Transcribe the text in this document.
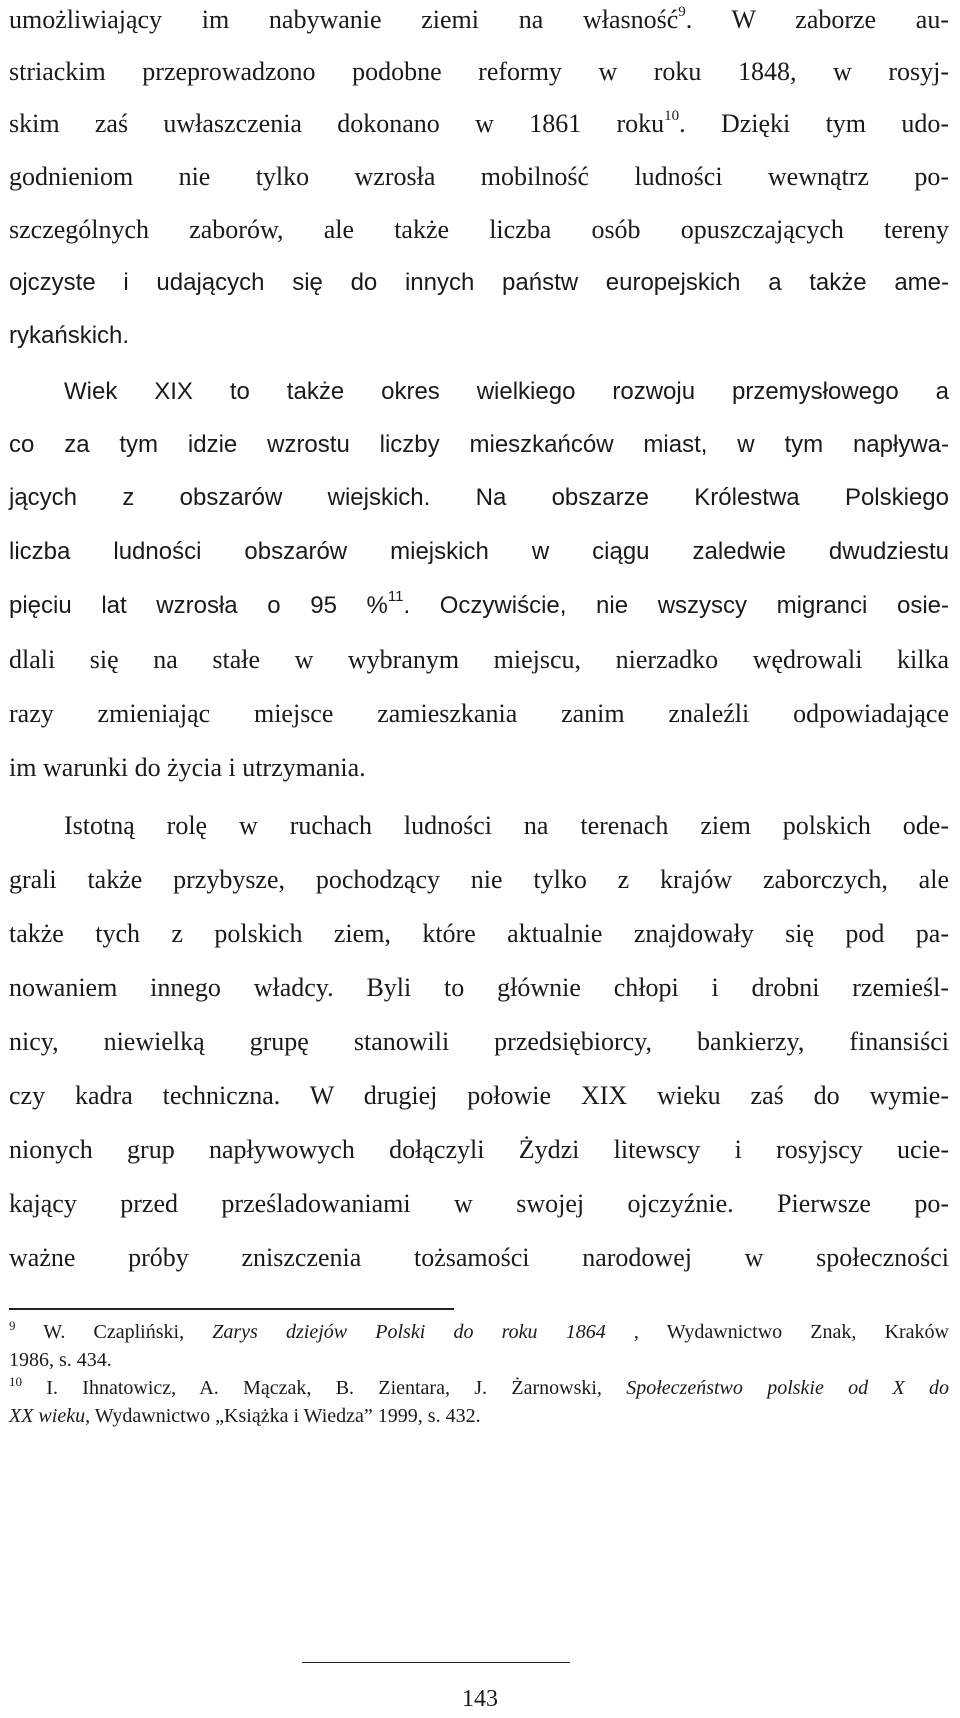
umożliwiający im nabywanie ziemi na własność$^9$. W zaborze au-
striackim przeprowadzono podobne reformy w roku 1848, w rosyj-
skim zaś uwłaszczenia dokonano w 1861 roku$^{10}$. Dzięki tym udo-
godnieniom nie tylko wzrosła mobilność ludności wewnątrz po-
szczególnych zaborów, ale także liczba osób opuszczających tereny
ojczyste i udających się do innych państw europejskich a także ame-
rykańskich.
Wiek XIX to także okres wielkiego rozwoju przemysłowego a
co za tym idzie wzrostu liczby mieszkańców miast, w tym napływa-
jących z obszarów wiejskich. Na obszarze Królestwa Polskiego
liczba ludności obszarów miejskich w ciągu zaledwie dwudziestu
pięciu lat wzrosła o 95 %$^{11}$. Oczywiście, nie wszyscy migranci osie-
dlali się na stałe w wybranym miejscu, nierzadko wędrowali kilka
razy zmieniając miejsce zamieszkania zanim znaleźli odpowiadające
im warunki do życia i utrzymania.
Istotną rolę w ruchach ludności na terenach ziem polskich ode-
grali także przybysze, pochodzący nie tylko z krajów zaborczych, ale
także tych z polskich ziem, które aktualnie znajdowały się pod pa-
nowaniem innego władcy. Byli to głównie chłopi i drobni rzemieśl-
nicy, niewielką grupę stanowili przedsiębiorcy, bankierzy, finansiści
czy kadra techniczna. W drugiej połowie XIX wieku zaś do wymie-
nionych grup napływowych dołączyli Żydzi litewscy i rosyjscy ucie-
kający przed prześladowaniami w swojej ojczyźnie. Pierwsze po-
ważne próby zniszczenia tożsamości narodowej w społeczności
$^9$ W. Czapliński, Zarys dziejów Polski do roku 1864 , Wydawnictwo Znak, Kraków
1986, s. 434.
$^{10}$ I. Ihnatowicz, A. Mączak, B. Zientara, J. Żarnowski, Społeczeństwo polskie od X do
XX wieku, Wydawnictwo „Książka i Wiedza” 1999, s. 432.
143
